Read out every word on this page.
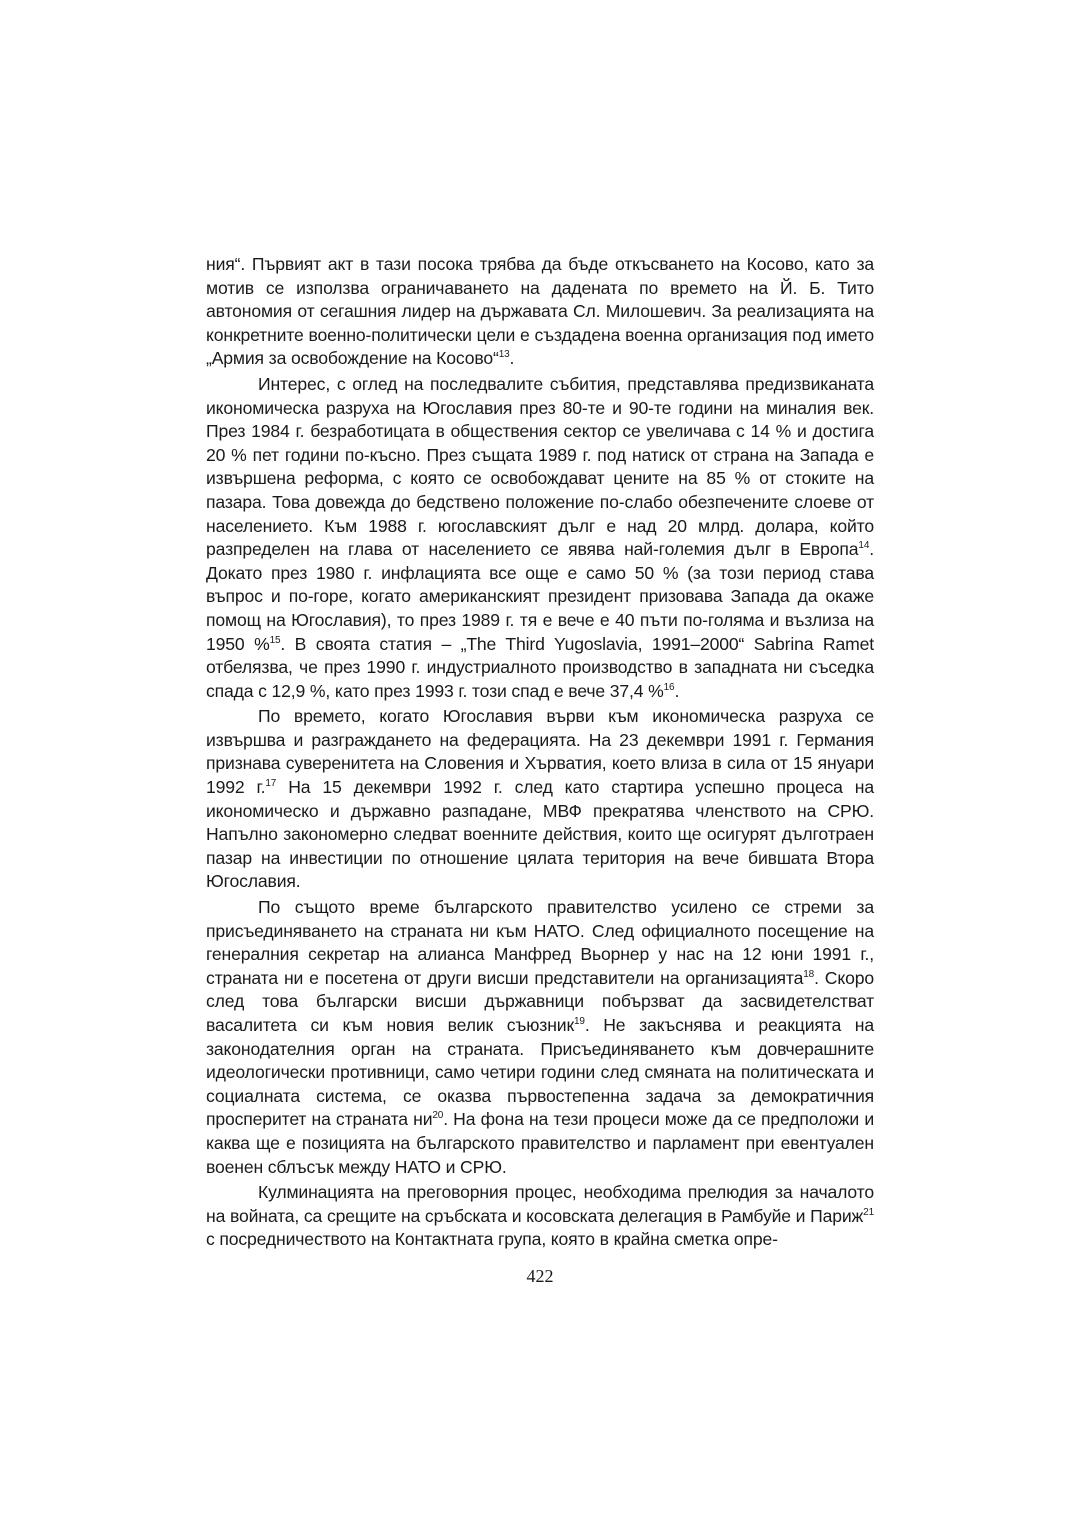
ния“. Първият акт в тази посока трябва да бъде откъсването на Косово, като за мотив се използва ограничаването на дадената по времето на Й. Б. Тито автономия от сегашния лидер на държавата Сл. Милошевич. За реализацията на конкретните военно-политически цели е създадена военна организация под името „Армия за освобождение на Косово“$^{13}$.

Интерес, с оглед на последвалите събития, представлява предизвиканата икономическа разруха на Югославия през 80-те и 90-те години на миналия век. През 1984 г. безработицата в обществения сектор се увеличава с 14 % и достига 20 % пет години по-късно. През същата 1989 г. под натиск от страна на Запада е извършена реформа, с която се освобождават цените на 85 % от стоките на пазара. Това довежда до бедствено положение по-слабо обезпечените слоеве от населението. Към 1988 г. югославският дълг е над 20 млрд. долара, който разпределен на глава от населението се явява най-големия дълг в Европа$^{14}$. Докато през 1980 г. инфлацията все още е само 50 % (за този период става въпрос и по-горе, когато американският президент призовава Запада да окаже помощ на Югославия), то през 1989 г. тя е вече е 40 пъти по-голяма и възлиза на 1950 %$^{15}$. В своята статия – „The Third Yugoslavia, 1991–2000“ Sabrina Ramet отбелязва, че през 1990 г. индустриалното производство в западната ни съседка спада с 12,9 %, като през 1993 г. този спад е вече 37,4 %$^{16}$.

По времето, когато Югославия върви към икономическа разруха се извършва и разграждането на федерацията. На 23 декември 1991 г. Германия признава суверенитета на Словения и Хърватия, което влиза в сила от 15 януари 1992 г.$^{17}$ На 15 декември 1992 г. след като стартира успешно процеса на икономическо и държавно разпадане, МВФ прекратява членството на СРЮ. Напълно закономерно следват военните действия, които ще осигурят дълготраен пазар на инвестиции по отношение цялата територия на вече бившата Втора Югославия.

По същото време българското правителство усилено се стреми за присъединяването на страната ни към НАТО. След официалното посещение на генералния секретар на алианса Манфред Вьорнер у нас на 12 юни 1991 г., страната ни е посетена от други висши представители на организацията$^{18}$. Скоро след това български висши държавници побързват да засвидетелстват васалитета си към новия велик съюзник$^{19}$. Не закъснява и реакцията на законодателния орган на страната. Присъединяването към довчерашните идеологически противници, само четири години след смяната на политическата и социалната система, се оказва първостепенна задача за демократичния просперитет на страната $ни^{20}$. На фона на тези процеси може да се предположи и каква ще е позицията на българското правителство и парламент при евентуален военен сблъсък между НАТО и СРЮ.

Кулминацията на преговорния процес, необходима прелюдия за началото на войната, са срещите на сръбската и косовската делегация в Рамбуйе и Париж$^{21}$ с посредничеството на Контактната група, която в крайна сметка опре-

422
